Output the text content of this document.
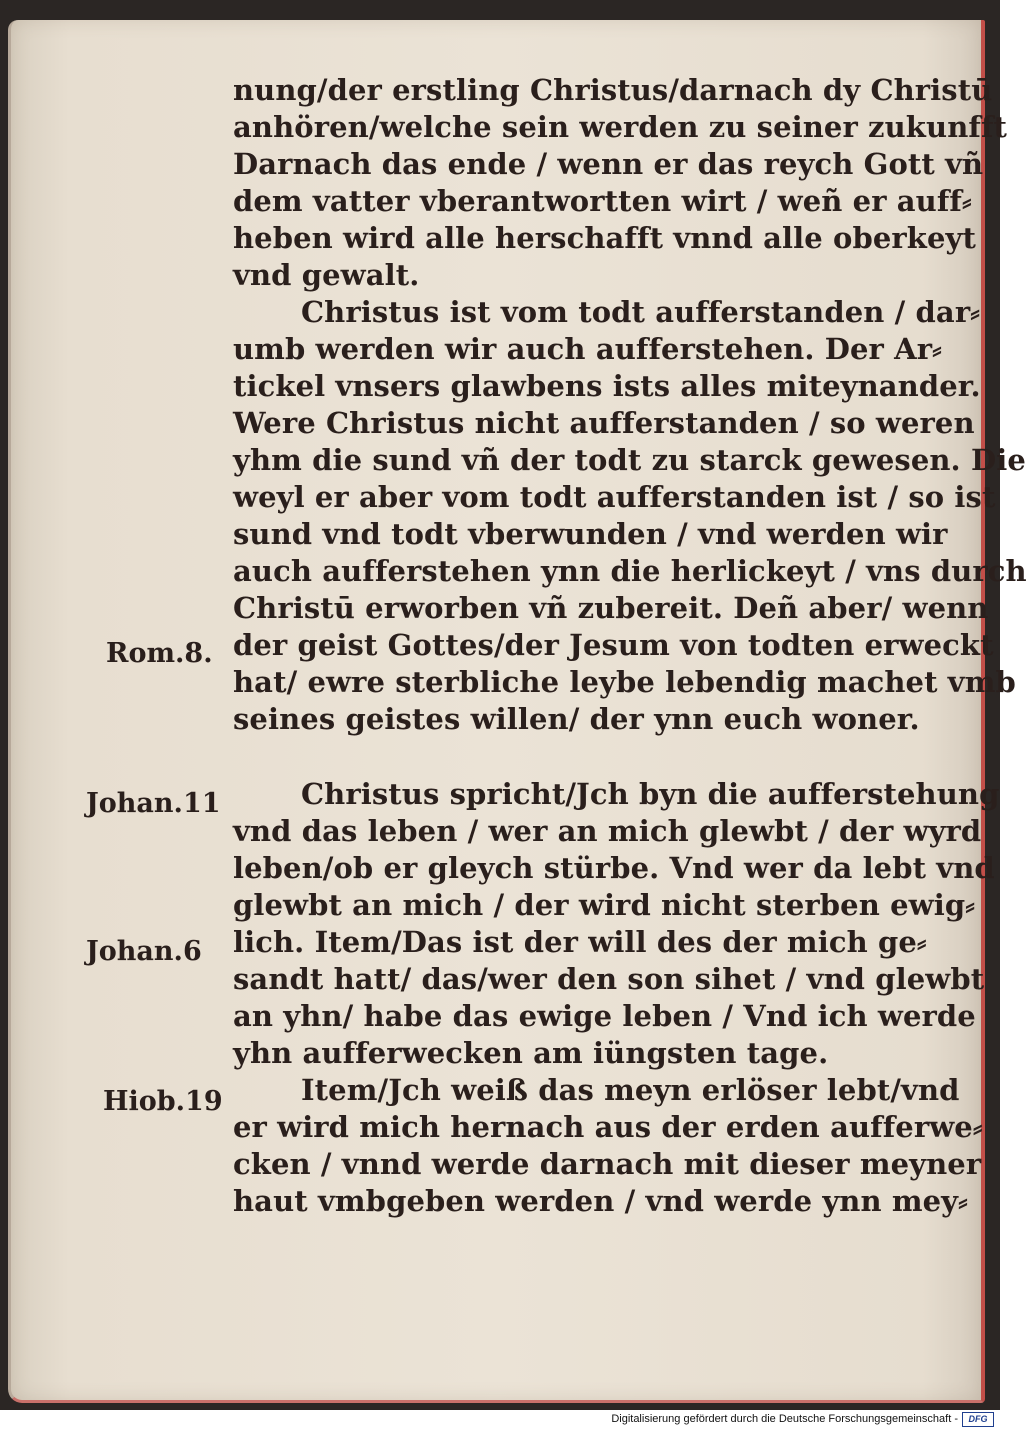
nung/der erstling Christus/darnach dy Christū
anhören/welche sein werden zu seiner zukunfft
Darnach das ende / wenn er das reych Gott vñ
dem vatter vberantwortten wirt / weñ er auff⸗
heben wird alle herschafft vnnd alle oberkeyt
vnd gewalt.
Christus ist vom todt aufferstanden / dar⸗
umb werden wir auch aufferstehen. Der Ar⸗
tickel vnsers glawbens ists alles miteynander.
Were Christus nicht aufferstanden / so weren
yhm die sund vñ der todt zu starck gewesen. Die
weyl er aber vom todt aufferstanden ist / so ist
sund vnd todt vberwunden / vnd werden wir
auch aufferstehen ynn die herlickeyt / vns durch
Christū erworben vñ zubereit. Deñ aber/ wenn
der geist Gottes/der Jesum von todten erweckt
hat/ ewre sterbliche leybe lebendig machet vmb
seines geistes willen/ der ynn euch woner.
Christus spricht/Jch byn die aufferstehung
vnd das leben / wer an mich glewbt / der wyrd
leben/ob er gleych stürbe. Vnd wer da lebt vnd
glewbt an mich / der wird nicht sterben ewig⸗
lich. Item/Das ist der will des der mich ge⸗
sandt hatt/ das/wer den son sihet / vnd glewbt
an yhn/ habe das ewige leben / Vnd ich werde
yhn aufferwecken am iüngsten tage.
Item/Jch weiß das meyn erlöser lebt/vnd
er wird mich hernach aus der erden aufferwe⸗
cken / vnnd werde darnach mit dieser meyner
haut vmbgeben werden / vnd werde ynn mey⸗
Rom.8.
Johan.11
Johan.6
Hiob.19
Digitalisierung gefördert durch die Deutsche Forschungsgemeinschaft -	DFG
